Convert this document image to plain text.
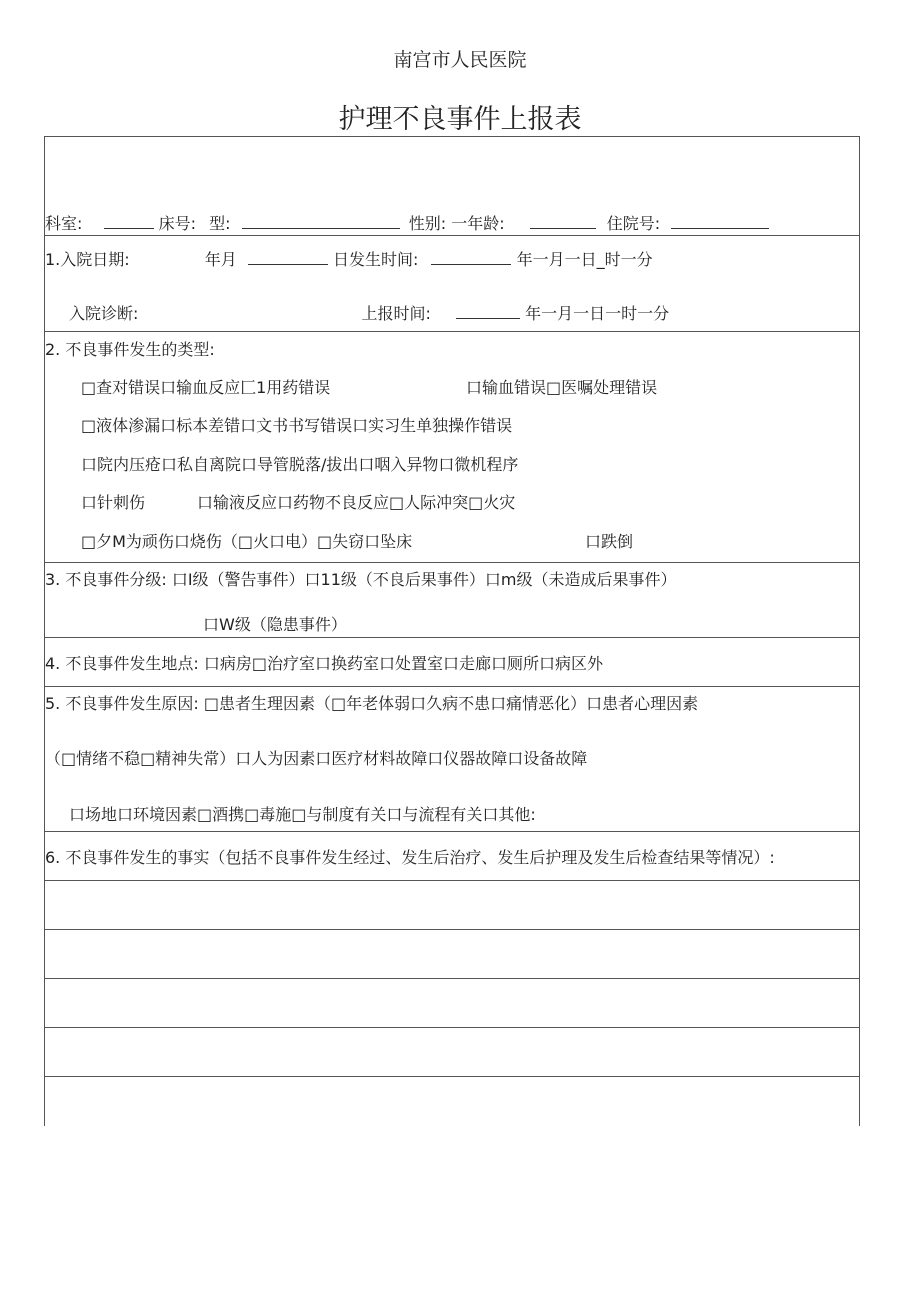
南宫市人民医院
护理不良事件上报表
科室:	床号: 型:	性别: 一年龄:	住院号:
1.入院日期:	年月	日发生时间:	年一月一日_时一分
入院诊断:	上报时间:	年一月一日一时一分
2. 不良事件发生的类型:
□查对错误口输血反应匚1用药错误	口输血错误□医嘱处理错误
□液体渗漏口标本差错口文书书写错误口实习生单独操作错误
口院内压疮口私自离院口导管脱落/拔出口咽入异物口微机程序
口针刺伤	口输液反应口药物不良反应□人际冲突□火灾
□夕M为顽伤口烧伤（□火口电）□失窃口坠床	口跌倒
3. 不良事件分级: 口I级（警告事件）口11级（不良后果事件）口m级（未造成后果事件）
口W级（隐患事件）
4. 不良事件发生地点: 口病房□治疗室口换药室口处置室口走廊口厕所口病区外
5. 不良事件发生原因: □患者生理因素（□年老体弱口久病不患口痛情恶化）口患者心理因素
（□情绪不稳□精神失常）口人为因素口医疗材料故障口仪器故障口设备故障
口场地口环境因素□酒携□毒施□与制度有关口与流程有关口其他:
6. 不良事件发生的事实（包括不良事件发生经过、发生后治疗、发生后护理及发生后检查结果等情况）:
